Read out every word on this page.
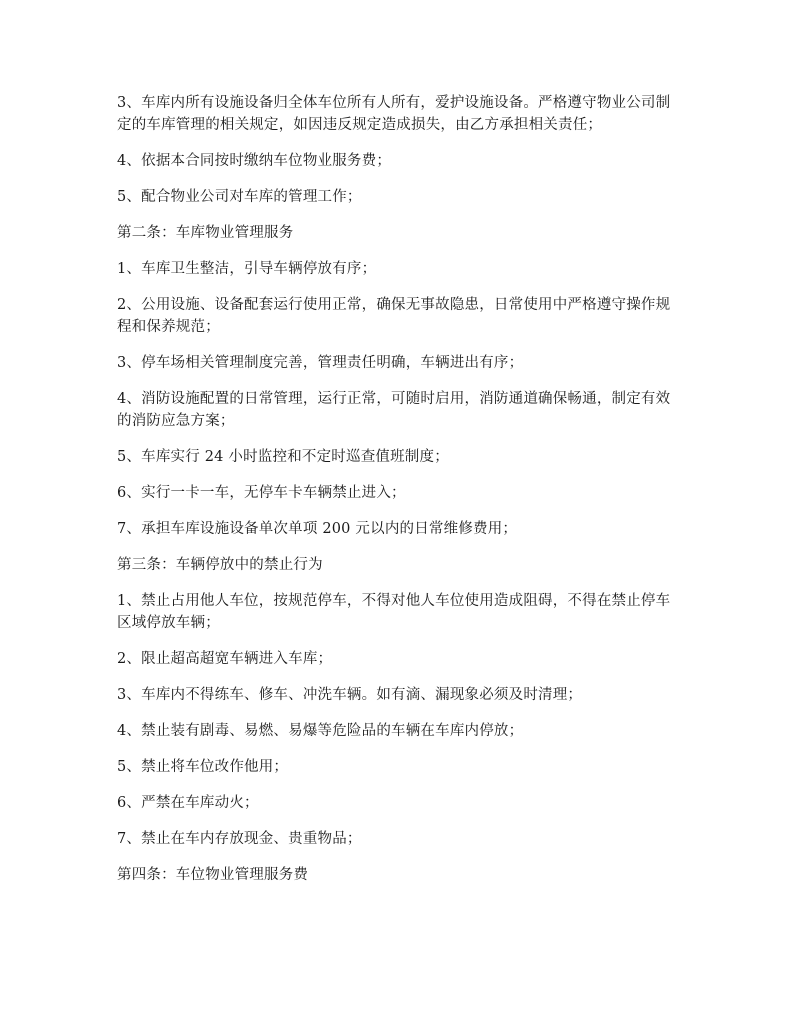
3、车库内所有设施设备归全体车位所有人所有，爱护设施设备。严格遵守物业公司制定的车库管理的相关规定，如因违反规定造成损失，由乙方承担相关责任；

4、依据本合同按时缴纳车位物业服务费；

5、配合物业公司对车库的管理工作；

第二条：车库物业管理服务

1、车库卫生整洁，引导车辆停放有序；

2、公用设施、设备配套运行使用正常，确保无事故隐患，日常使用中严格遵守操作规程和保养规范；

3、停车场相关管理制度完善，管理责任明确，车辆进出有序；

4、消防设施配置的日常管理，运行正常，可随时启用，消防通道确保畅通，制定有效的消防应急方案；

5、车库实行 24 小时监控和不定时巡查值班制度；

6、实行一卡一车，无停车卡车辆禁止进入；

7、承担车库设施设备单次单项 200 元以内的日常维修费用；

第三条：车辆停放中的禁止行为

1、禁止占用他人车位，按规范停车，不得对他人车位使用造成阻碍，不得在禁止停车区域停放车辆；

2、限止超高超宽车辆进入车库；

3、车库内不得练车、修车、冲洗车辆。如有滴、漏现象必须及时清理；

4、禁止装有剧毒、易燃、易爆等危险品的车辆在车库内停放；

5、禁止将车位改作他用；

6、严禁在车库动火；

7、禁止在车内存放现金、贵重物品；

第四条：车位物业管理服务费
